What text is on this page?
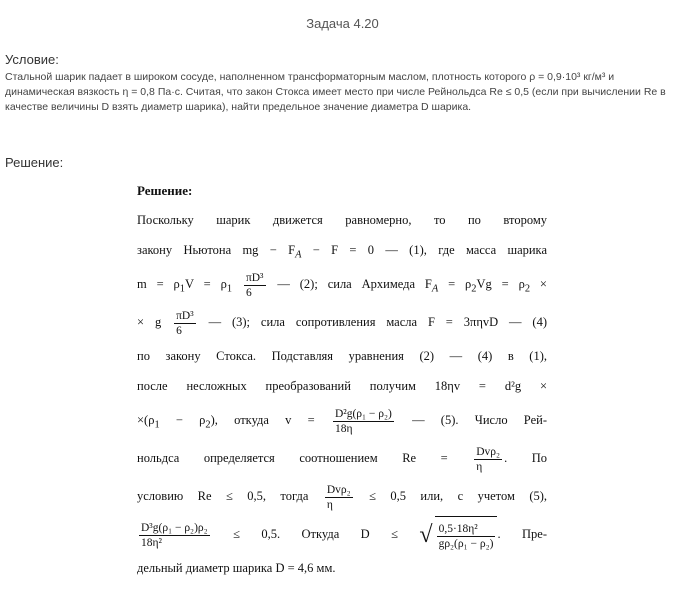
Задача 4.20
Условие:
Стальной шарик падает в широком сосуде, наполненном трансформаторным маслом, плотность которого ρ = 0,9·10³ кг/м³ и динамическая вязкость η = 0,8 Па·с. Считая, что закон Стокса имеет место при числе Рейнольдса Re ≤ 0,5 (если при вычислении Re в качестве величины D взять диаметр шарика), найти предельное значение диаметра D шарика.
Решение:
Решение:
Поскольку шарик движется равномерно, то по второму
закону Ньютона mg − $F_A - F = 0$ — (1), где масса шарика
$m = \rho_1V = \rho_1 \frac{\text{πD³}}{6}$ — (2); сила Архимеда $F_A = \rho_2Vg = \rho_2$ ×
× g $\frac{\text{πD³}}{6}$ — (3); сила сопротивления масла F = 3πηvD — (4)
по закону Стокса. Подставляя уравнения (2) — (4) в (1),
после несложных преобразований получим 18ηv = d²g ×
$\times(\rho_1 - \rho_2)$, откуда $v = \frac{\text{D²g(ρ₁ − ρ₂)}}{18\eta}$ — (5). Число Рей-
нольдса определяется соотношением $Re = \frac{\text{Dvρ₂}}{\eta}$ . По
условию Re ≤ 0,5, тогда $\frac{\text{Dvρ₂}}{\eta} \le 0,5$ или, с учетом (5),
$\frac{\text{D³g(ρ₁ − ρ₂)ρ₂}}{\text{18η²}} \le 0,5$. Откуда D ≤ √ $\frac{\text{0,5·18η²}}{\text{gρ₂(ρ₁ − ρ₂)}}$ . Пре-
дельный диаметр шарика D = 4,6 мм.
